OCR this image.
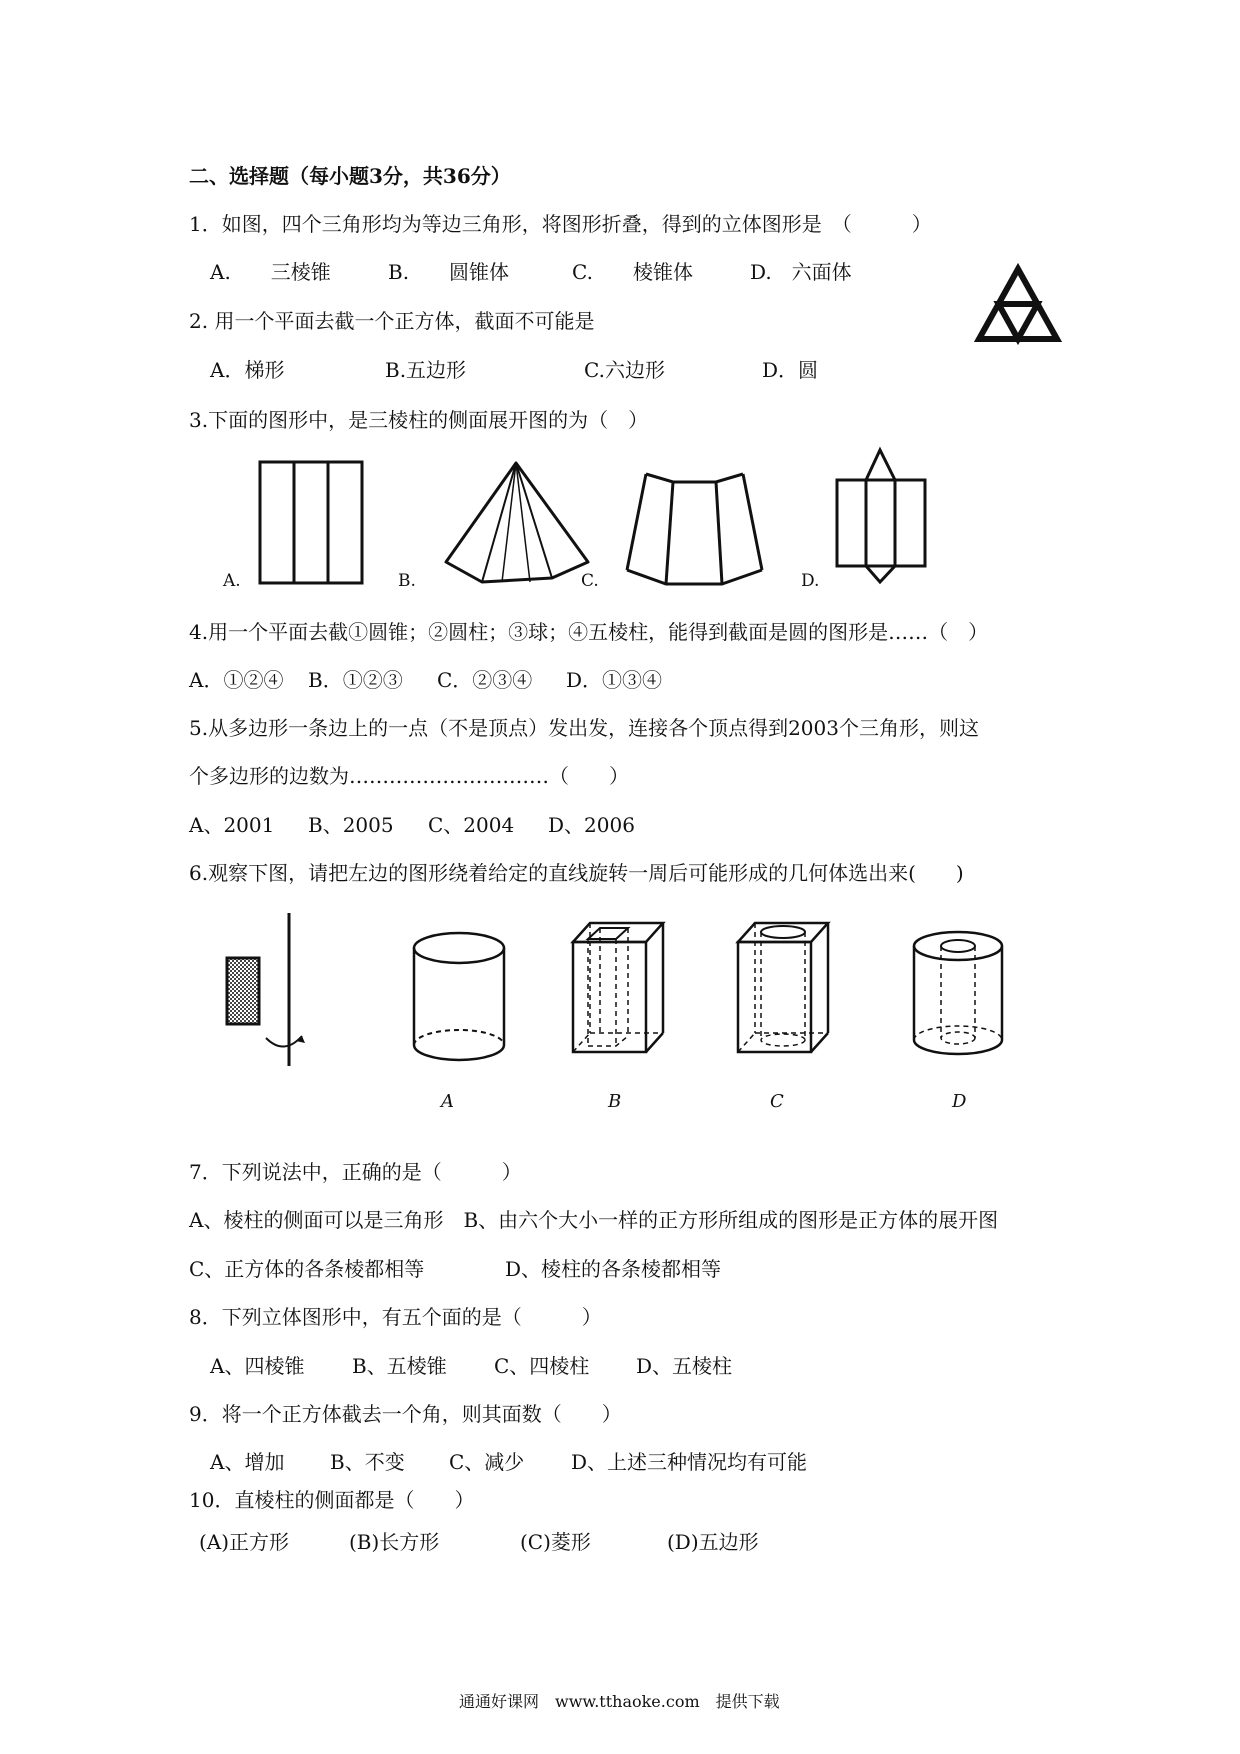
二、选择题（每小题3分，共36分）
1．如图，四个三角形均为等边三角形，将图形折叠，得到的立体图形是　（　　　）
A.　　三棱锥	B.　　圆锥体	C.　　棱锥体	D.　六面体
2. 用一个平面去截一个正方体，截面不可能是
A．梯形	B.五边形	C.六边形	D．圆
3.下面的图形中，是三棱柱的侧面展开图的为（　）
A.	B.	C.	D.
4.用一个平面去截①圆锥；②圆柱；③球；④五棱柱，能得到截面是圆的图形是……（　）
A．①②④ B．①②③ C．②③④ D．①③④
5.从多边形一条边上的一点（不是顶点）发出发，连接各个顶点得到2003个三角形，则这
个多边形的边数为…………………………（　　）
A、2001 B、2005 C、2004 D、2006
6.观察下图，请把左边的图形绕着给定的直线旋转一周后可能形成的几何体选出来(　　)
A	B	C	D
7．下列说法中，正确的是（　　　）
A、棱柱的侧面可以是三角形　B、由六个大小一样的正方形所组成的图形是正方体的展开图
C、正方体的各条棱都相等	D、棱柱的各条棱都相等
8．下列立体图形中，有五个面的是（　　　）
A、四棱锥 B、五棱锥 C、四棱柱 D、五棱柱
9．将一个正方体截去一个角，则其面数（　　）
A、增加 B、不变 C、减少 D、上述三种情况均有可能
10．直棱柱的侧面都是（　　）
(A)正方形	(B)长方形	(C)菱形	(D)五边形
通通好课网　www.tthaoke.com　提供下载
